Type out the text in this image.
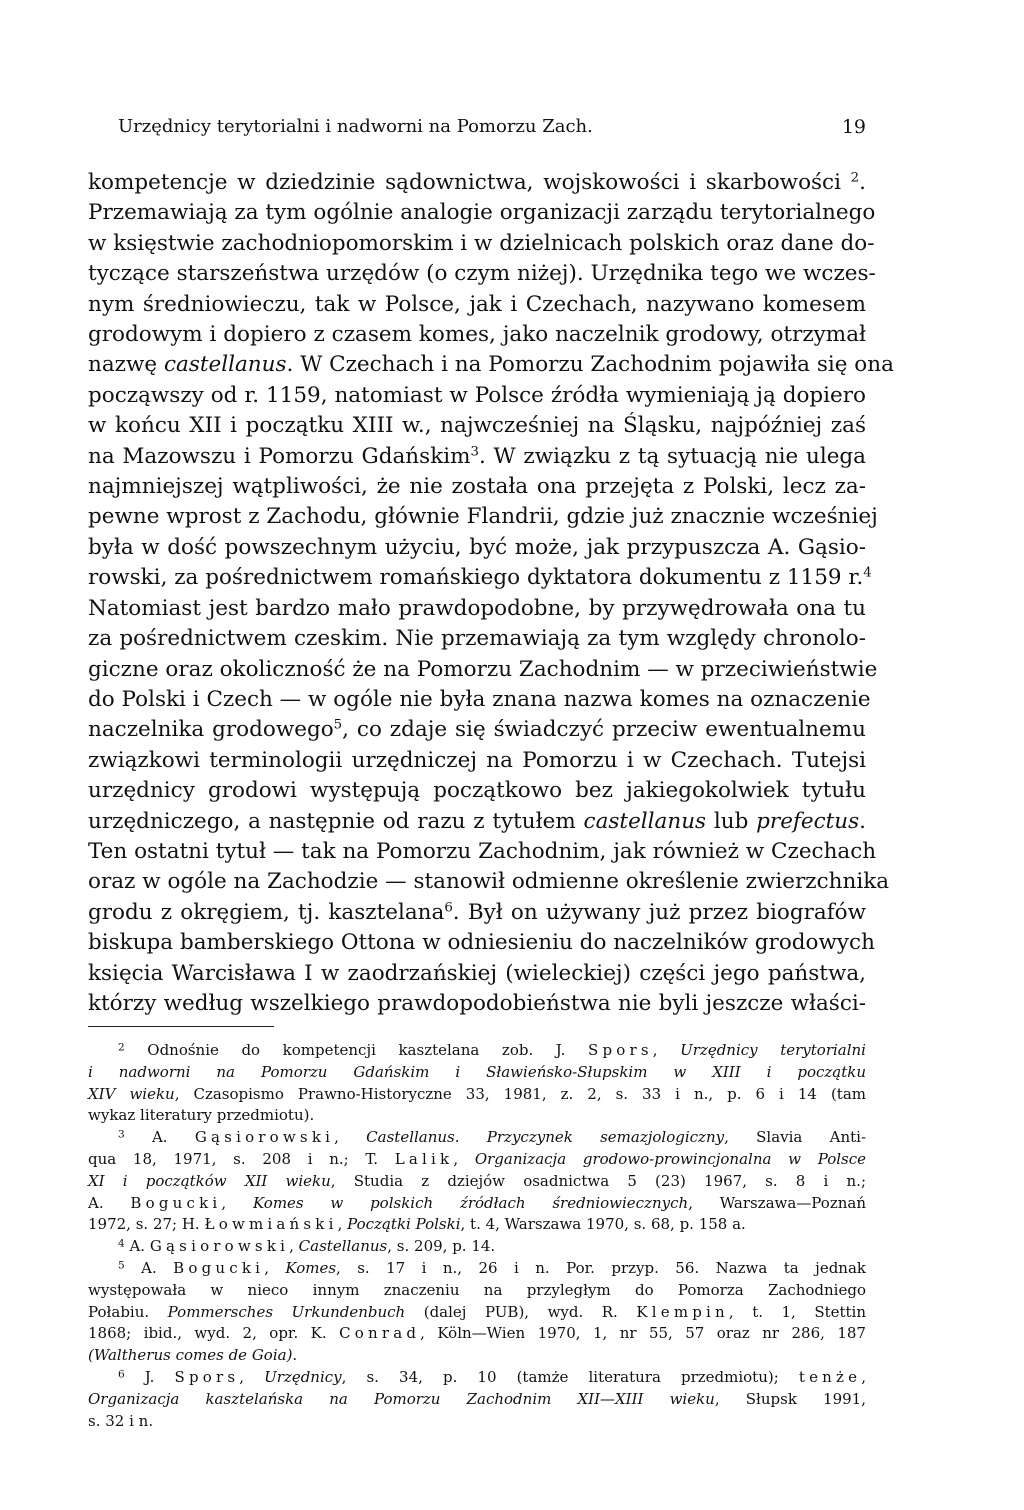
Urzędnicy terytorialni i nadworni na Pomorzu Zach.	19
kompetencje w dziedzinie sądownictwa, wojskowości i skarbowości $^2$.
Przemawiają za tym ogólnie analogie organizacji zarządu terytorialnego
w księstwie zachodniopomorskim i w dzielnicach polskich oraz dane do-
tyczące starszeństwa urzędów (o czym niżej). Urzędnika tego we wczes-
nym średniowieczu, tak w Polsce, jak i Czechach, nazywano komesem
grodowym i dopiero z czasem komes, jako naczelnik grodowy, otrzymał
nazwę castellanus. W Czechach i na Pomorzu Zachodnim pojawiła się ona
począwszy od r. 1159, natomiast w Polsce źródła wymieniają ją dopiero
w końcu XII i początku XIII w., najwcześniej na Śląsku, najpóźniej zaś
na Mazowszu i Pomorzu Gdańskim$^3$. W związku z tą sytuacją nie ulega
najmniejszej wątpliwości, że nie została ona przejęta z Polski, lecz za-
pewne wprost z Zachodu, głównie Flandrii, gdzie już znacznie wcześniej
była w dość powszechnym użyciu, być może, jak przypuszcza A. Gąsio-
rowski, za pośrednictwem romańskiego dyktatora dokumentu z 1159 r.$^4$
Natomiast jest bardzo mało prawdopodobne, by przywędrowała ona tu
za pośrednictwem czeskim. Nie przemawiają za tym względy chronolo-
giczne oraz okoliczność że na Pomorzu Zachodnim — w przeciwieństwie
do Polski i Czech — w ogóle nie była znana nazwa komes na oznaczenie
naczelnika grodowego$^5$, co zdaje się świadczyć przeciw ewentualnemu
związkowi terminologii urzędniczej na Pomorzu i w Czechach. Tutejsi
urzędnicy grodowi występują początkowo bez jakiegokolwiek tytułu
urzędniczego, a następnie od razu z tytułem castellanus lub prefectus.
Ten ostatni tytuł — tak na Pomorzu Zachodnim, jak również w Czechach
oraz w ogóle na Zachodzie — stanowił odmienne określenie zwierzchnika
grodu z okręgiem, tj. kasztelana$^6$. Był on używany już przez biografów
biskupa bamberskiego Ottona w odniesieniu do naczelników grodowych
księcia Warcisława I w zaodrzańskiej (wieleckiej) części jego państwa,
którzy według wszelkiego prawdopodobieństwa nie byli jeszcze właści-
$^2$ Odnośnie do kompetencji kasztelana zob. J. Spors, Urzędnicy terytorialni
i nadworni na Pomorzu Gdańskim i Sławieńsko-Słupskim w XIII i początku
XIV wieku, Czasopismo Prawno-Historyczne 33, 1981, z. 2, s. 33 i n., p. 6 i 14 (tam
wykaz literatury przedmiotu).
$^3$ A. Gąsiorowski, Castellanus. Przyczynek semazjologiczny, Slavia Anti-
qua 18, 1971, s. 208 i n.; T. Lalik, Organizacja grodowo-prowincjonalna w Polsce
XI i początków XII wieku, Studia z dziejów osadnictwa 5 (23) 1967, s. 8 i n.;
A. Bogucki, Komes w polskich źródłach średniowiecznych, Warszawa—Poznań
1972, s. 27; H. Łowmiański, Początki Polski, t. 4, Warszawa 1970, s. 68, p. 158 a.
$^4$ A. Gąsiorowski, Castellanus, s. 209, p. 14.
$^5$ A. Bogucki, Komes, s. 17 i n., 26 i n. Por. przyp. 56. Nazwa ta jednak
występowała w nieco innym znaczeniu na przyległym do Pomorza Zachodniego
Połabiu. Pommersches Urkundenbuch (dalej PUB), wyd. R. Klempin, t. 1, Stettin
1868; ibid., wyd. 2, opr. K. Conrad, Köln—Wien 1970, 1, nr 55, 57 oraz nr 286, 187
(Waltherus comes de Goia).
$^6$ J. Spors, Urzędnicy, s. 34, p. 10 (tamże literatura przedmiotu); tenże,
Organizacja kasztelańska na Pomorzu Zachodnim XII—XIII wieku, Słupsk 1991,
s. 32 i n.
